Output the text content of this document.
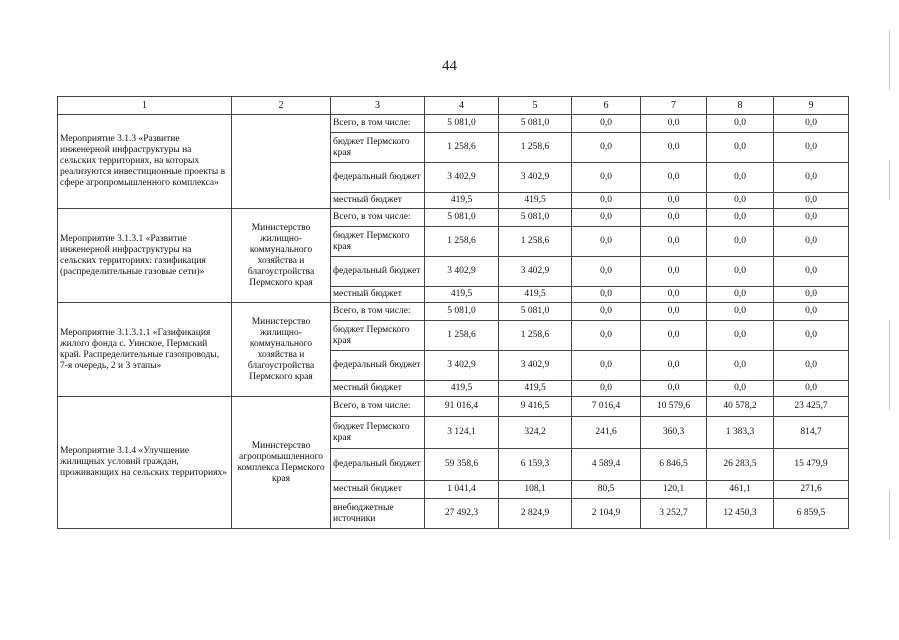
44
1	2	3	4	5	6	7	8	9
Мероприятие 3.1.3 «Развитие инженерной инфраструктуры на сельских территориях, на которых реализуются инвестиционные проекты в сфере агропромышленного комплекса»		Всего, в том числе:	5 081,0	5 081,0	0,0	0,0	0,0	0,0
		бюджет Пермского края	1 258,6	1 258,6	0,0	0,0	0,0	0,0
		федеральный бюджет	3 402,9	3 402,9	0,0	0,0	0,0	0,0
		местный бюджет	419,5	419,5	0,0	0,0	0,0	0,0
Мероприятие 3.1.3.1 «Развитие инженерной инфраструктуры на сельских территориях: газификация (распределительные газовые сети)»	Министерство жилищно-коммунального хозяйства и благоустройства Пермского края	Всего, в том числе:	5 081,0	5 081,0	0,0	0,0	0,0	0,0
		бюджет Пермского края	1 258,6	1 258,6	0,0	0,0	0,0	0,0
		федеральный бюджет	3 402,9	3 402,9	0,0	0,0	0,0	0,0
		местный бюджет	419,5	419,5	0,0	0,0	0,0	0,0
Мероприятие 3.1.3.1.1 «Газификация жилого фонда с. Уинское, Пермский край. Распределительные газопроводы, 7-я очередь, 2 и 3 этапы»	Министерство жилищно-коммунального хозяйства и благоустройства Пермского края	Всего, в том числе:	5 081,0	5 081,0	0,0	0,0	0,0	0,0
		бюджет Пермского края	1 258,6	1 258,6	0,0	0,0	0,0	0,0
		федеральный бюджет	3 402,9	3 402,9	0,0	0,0	0,0	0,0
		местный бюджет	419,5	419,5	0,0	0,0	0,0	0,0
Мероприятие 3.1.4 «Улучшение жилищных условий граждан, проживающих на сельских территориях»	Министерство агропромышленного комплекса Пермского края	Всего, в том числе:	91 016,4	9 416,5	7 016,4	10 579,6	40 578,2	23 425,7
		бюджет Пермского края	3 124,1	324,2	241,6	360,3	1 383,3	814,7
		федеральный бюджет	59 358,6	6 159,3	4 589,4	6 846,5	26 283,5	15 479,9
		местный бюджет	1 041,4	108,1	80,5	120,1	461,1	271,6
		внебюджетные источники	27 492,3	2 824,9	2 104,9	3 252,7	12 450,3	6 859,5
